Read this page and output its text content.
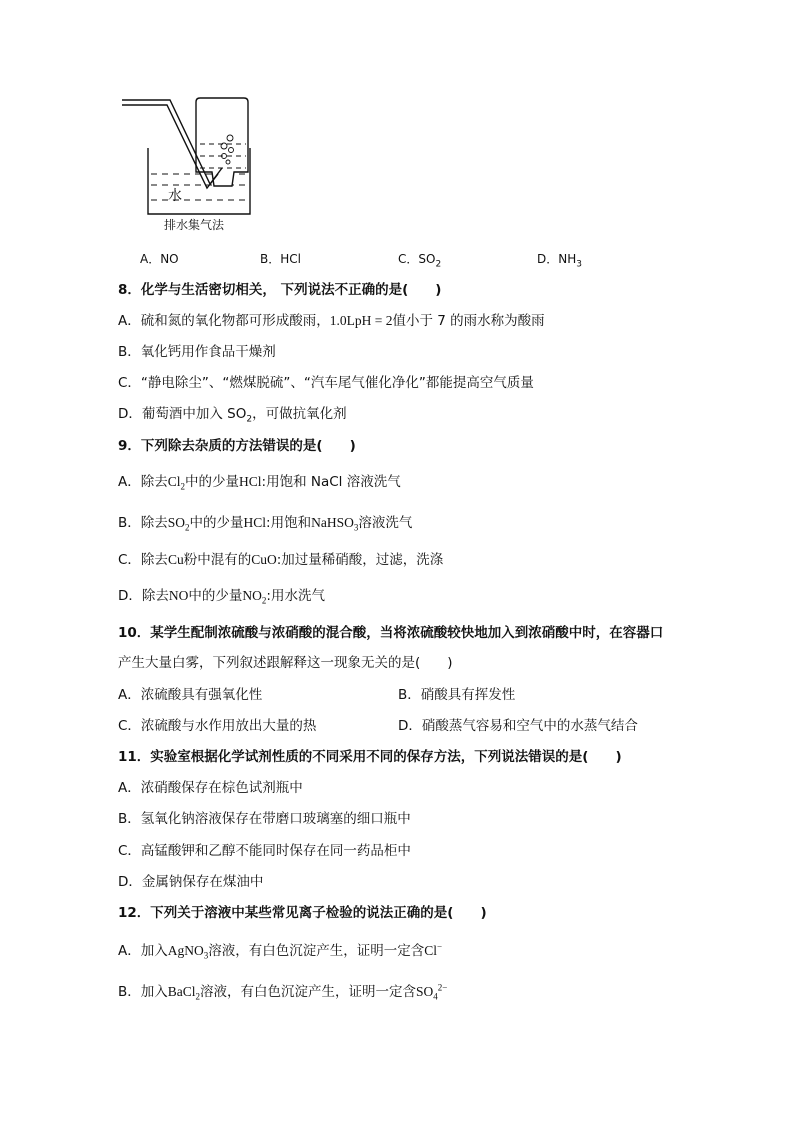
水
排水集气法
A．NO	B．HCl	C．$SO_2$	D．$NH_3$
8．化学与生活密切相关， 下列说法不正确的是(　　)
A．硫和氮的氧化物都可形成酸雨，1.0LpH = 2值小于 7 的雨水称为酸雨
B．氧化钙用作食品干燥剂
C．“静电除尘”、“燃煤脱硫”、“汽车尾气催化净化”都能提高空气质量
D．葡萄酒中加入 $SO_2$，可做抗氧化剂
9．下列除去杂质的方法错误的是(　　)
A．除去$Cl_2$中的少量HCl:用饱和 NaCl 溶液洗气
B．除去$SO_2$中的少量HCl:用饱和NaHSO$_3$溶液洗气
C．除去Cu粉中混有的CuO:加过量稀硝酸，过滤，洗涤
D．除去NO中的少量$NO_2$:用水洗气
10．某学生配制浓硫酸与浓硝酸的混合酸，当将浓硫酸较快地加入到浓硝酸中时，在容器口
产生大量白雾，下列叙述跟解释这一现象无关的是(　　)
A．浓硫酸具有强氧化性	B．硝酸具有挥发性
C．浓硫酸与水作用放出大量的热	D．硝酸蒸气容易和空气中的水蒸气结合
11．实验室根据化学试剂性质的不同采用不同的保存方法，下列说法错误的是(　　)
A．浓硝酸保存在棕色试剂瓶中
B．氢氧化钠溶液保存在带磨口玻璃塞的细口瓶中
C．高锰酸钾和乙醇不能同时保存在同一药品柜中
D．金属钠保存在煤油中
12．下列关于溶液中某些常见离子检验的说法正确的是(　　)
A．加入AgNO$_3$溶液，有白色沉淀产生，证明一定含Cl−
B．加入BaCl$_2$溶液，有白色沉淀产生，证明一定含$SO_4^{2-}$
